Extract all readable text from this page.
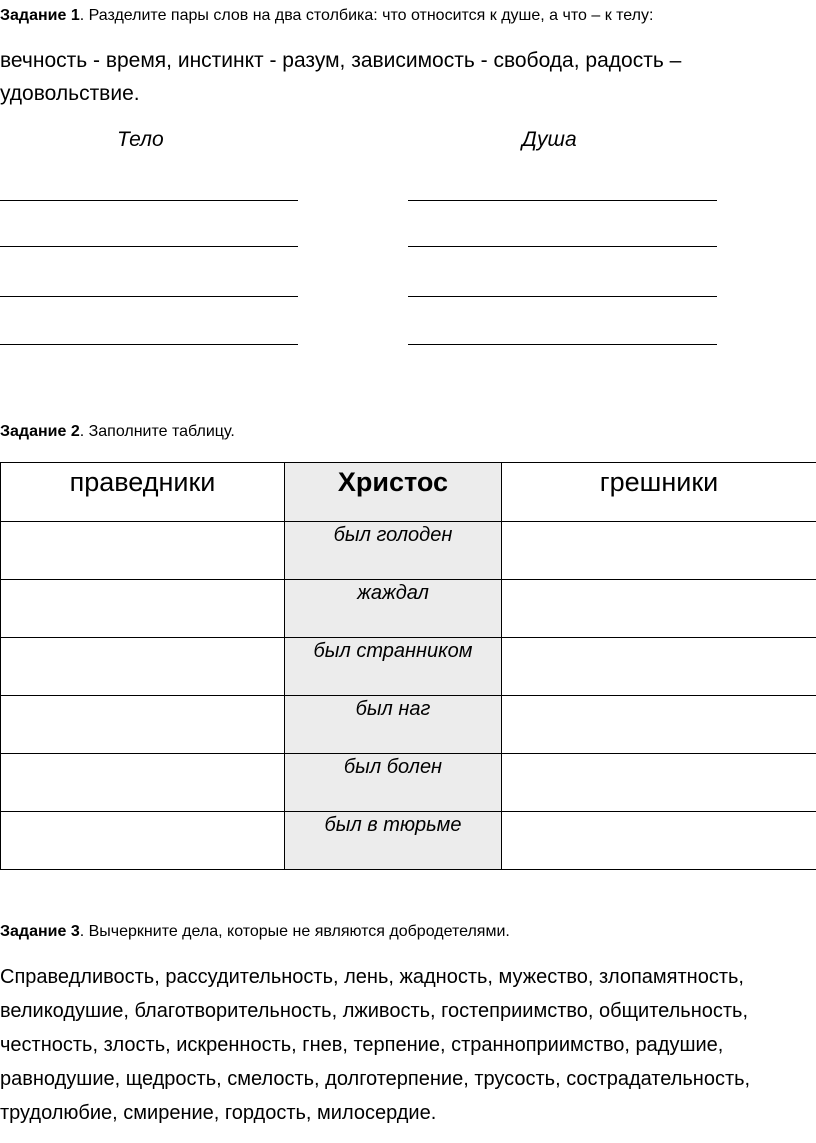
Задание 1. Разделите пары слов на два столбика: что относится к душе, а что – к телу:
вечность - время, инстинкт - разум, зависимость - свобода, радость – удовольствие.
Тело	Душа
Задание 2. Заполните таблицу.
праведники	Христос	грешники
	был голоден	
	жаждал	
	был странником	
	был наг	
	был болен	
	был в тюрьме	
Задание 3. Вычеркните дела, которые не являются добродетелями.
Справедливость, рассудительность, лень, жадность, мужество, злопамятность, великодушие, благотворительность, лживость, гостеприимство, общительность, честность, злость, искренность, гнев, терпение, странноприимство, радушие, равнодушие, щедрость, смелость, долготерпение, трусость, сострадательность, трудолюбие, смирение, гордость, милосердие.
